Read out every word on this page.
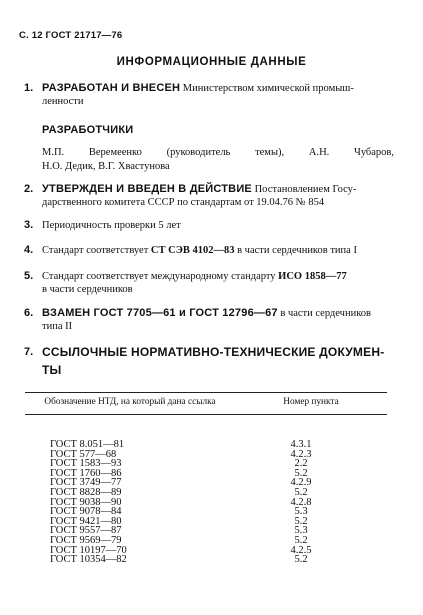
С. 12 ГОСТ 21717—76
ИНФОРМАЦИОННЫЕ ДАННЫЕ
1. РАЗРАБОТАН И ВНЕСЕН Министерством химической промыш-
ленности
РАЗРАБОТЧИКИ
М.П. Веремеенко (руководитель темы), А.Н. Чубаров,
Н.О. Дедик, В.Г. Хвастунова
2. УТВЕРЖДЕН И ВВЕДЕН В ДЕЙСТВИЕ Постановлением Госу-
дарственного комитета СССР по стандартам от 19.04.76 № 854
3. Периодичность проверки 5 лет
4. Стандарт соответствует СТ СЭВ 4102—83 в части сердечников типа I
5. Стандарт соответствует международному стандарту ИСО 1858—77
в части сердечников
6. ВЗАМЕН ГОСТ 7705—61 и ГОСТ 12796—67 в части сердечников
типа II
7. ССЫЛОЧНЫЕ НОРМАТИВНО-ТЕХНИЧЕСКИЕ ДОКУМЕН-
ТЫ
Обозначение НТД, на который дана ссылка	Номер пункта
ГОСТ 8.051—81	4.3.1
ГОСТ 577—68	4.2.3
ГОСТ 1583—93	2.2
ГОСТ 1760—86	5.2
ГОСТ 3749—77	4.2.9
ГОСТ 8828—89	5.2
ГОСТ 9038—90	4.2.8
ГОСТ 9078—84	5.3
ГОСТ 9421—80	5.2
ГОСТ 9557—87	5.3
ГОСТ 9569—79	5.2
ГОСТ 10197—70	4.2.5
ГОСТ 10354—82	5.2
